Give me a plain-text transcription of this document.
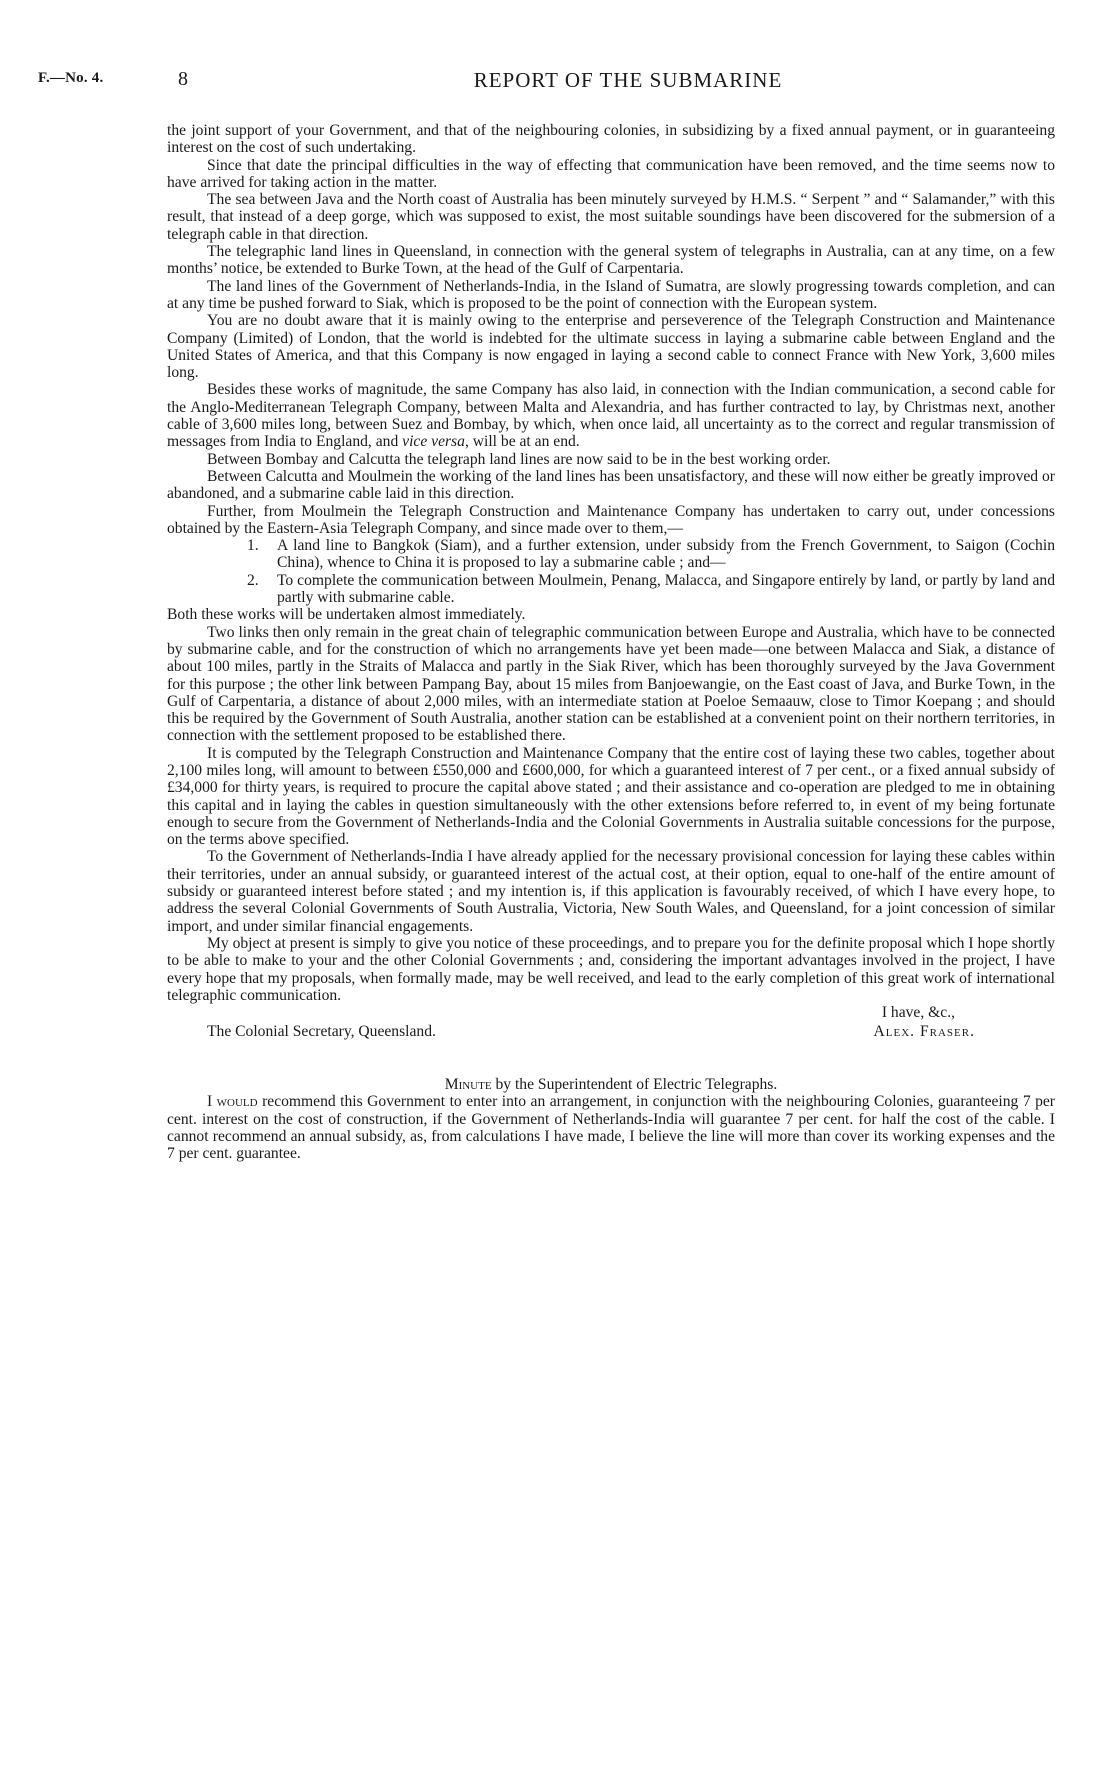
F.—No. 4.	8	REPORT OF THE SUBMARINE

the joint support of your Government, and that of the neighbouring colonies, in subsidizing by a fixed annual payment, or in guaranteeing interest on the cost of such undertaking.

Since that date the principal difficulties in the way of effecting that communication have been removed, and the time seems now to have arrived for taking action in the matter.

The sea between Java and the North coast of Australia has been minutely surveyed by H.M.S. “ Serpent ” and “ Salamander,” with this result, that instead of a deep gorge, which was supposed to exist, the most suitable soundings have been discovered for the submersion of a telegraph cable in that direction.

The telegraphic land lines in Queensland, in connection with the general system of telegraphs in Australia, can at any time, on a few months’ notice, be extended to Burke Town, at the head of the Gulf of Carpentaria.

The land lines of the Government of Netherlands-India, in the Island of Sumatra, are slowly progressing towards completion, and can at any time be pushed forward to Siak, which is proposed to be the point of connection with the European system.

You are no doubt aware that it is mainly owing to the enterprise and perseverence of the Telegraph Construction and Maintenance Company (Limited) of London, that the world is indebted for the ultimate success in laying a submarine cable between England and the United States of America, and that this Company is now engaged in laying a second cable to connect France with New York, 3,600 miles long.

Besides these works of magnitude, the same Company has also laid, in connection with the Indian communication, a second cable for the Anglo-Mediterranean Telegraph Company, between Malta and Alexandria, and has further contracted to lay, by Christmas next, another cable of 3,600 miles long, between Suez and Bombay, by which, when once laid, all uncertainty as to the correct and regular transmission of messages from India to England, and vice versa, will be at an end.

Between Bombay and Calcutta the telegraph land lines are now said to be in the best working order.

Between Calcutta and Moulmein the working of the land lines has been unsatisfactory, and these will now either be greatly improved or abandoned, and a submarine cable laid in this direction.

Further, from Moulmein the Telegraph Construction and Maintenance Company has undertaken to carry out, under concessions obtained by the Eastern-Asia Telegraph Company, and since made over to them,—

1. A land line to Bangkok (Siam), and a further extension, under subsidy from the French Government, to Saigon (Cochin China), whence to China it is proposed to lay a submarine cable ; and—
2. To complete the communication between Moulmein, Penang, Malacca, and Singapore entirely by land, or partly by land and partly with submarine cable.

Both these works will be undertaken almost immediately.

Two links then only remain in the great chain of telegraphic communication between Europe and Australia, which have to be connected by submarine cable, and for the construction of which no arrangements have yet been made—one between Malacca and Siak, a distance of about 100 miles, partly in the Straits of Malacca and partly in the Siak River, which has been thoroughly surveyed by the Java Government for this purpose ; the other link between Pampang Bay, about 15 miles from Banjoewangie, on the East coast of Java, and Burke Town, in the Gulf of Carpentaria, a distance of about 2,000 miles, with an intermediate station at Poeloe Semaauw, close to Timor Koepang ; and should this be required by the Government of South Australia, another station can be established at a convenient point on their northern territories, in connection with the settlement proposed to be established there.

It is computed by the Telegraph Construction and Maintenance Company that the entire cost of laying these two cables, together about 2,100 miles long, will amount to between £550,000 and £600,000, for which a guaranteed interest of 7 per cent., or a fixed annual subsidy of £34,000 for thirty years, is required to procure the capital above stated ; and their assistance and co-operation are pledged to me in obtaining this capital and in laying the cables in question simultaneously with the other extensions before referred to, in event of my being fortunate enough to secure from the Government of Netherlands-India and the Colonial Governments in Australia suitable concessions for the purpose, on the terms above specified.

To the Government of Netherlands-India I have already applied for the necessary provisional concession for laying these cables within their territories, under an annual subsidy, or guaranteed interest of the actual cost, at their option, equal to one-half of the entire amount of subsidy or guaranteed interest before stated ; and my intention is, if this application is favourably received, of which I have every hope, to address the several Colonial Governments of South Australia, Victoria, New South Wales, and Queensland, for a joint concession of similar import, and under similar financial engagements.

My object at present is simply to give you notice of these proceedings, and to prepare you for the definite proposal which I hope shortly to be able to make to your and the other Colonial Governments ; and, considering the important advantages involved in the project, I have every hope that my proposals, when formally made, may be well received, and lead to the early completion of this great work of international telegraphic communication.

I have, &c.,
The Colonial Secretary, Queensland.	Alex. Fraser.
Minute by the Superintendent of Electric Telegraphs.

I would recommend this Government to enter into an arrangement, in conjunction with the neighbouring Colonies, guaranteeing 7 per cent. interest on the cost of construction, if the Government of Netherlands-India will guarantee 7 per cent. for half the cost of the cable. I cannot recommend an annual subsidy, as, from calculations I have made, I believe the line will more than cover its working expenses and the 7 per cent. guarantee.
